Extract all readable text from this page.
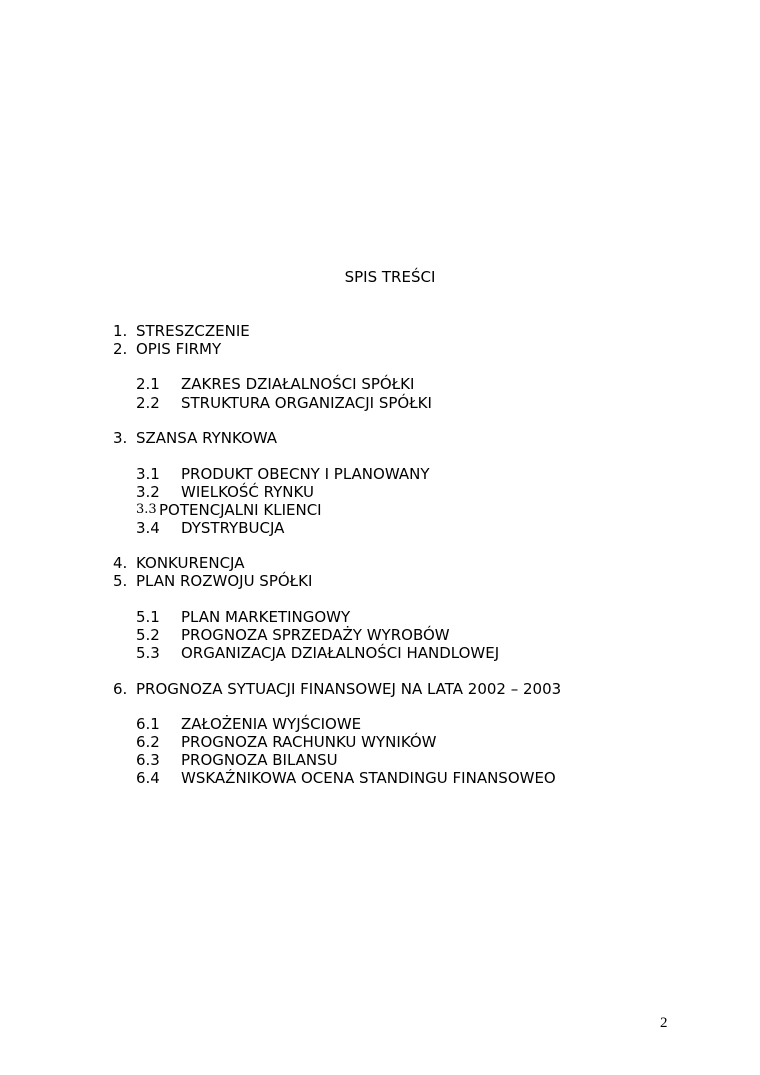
SPIS TREŚCI
1. STRESZCZENIE
2. OPIS FIRMY
2.1 ZAKRES DZIAŁALNOŚCI SPÓŁKI
2.2 STRUKTURA ORGANIZACJI SPÓŁKI
3. SZANSA RYNKOWA
3.1 PRODUKT OBECNY I PLANOWANY
3.2 WIELKOŚĆ RYNKU
3.3 POTENCJALNI KLIENCI
3.4 DYSTRYBUCJA
4. KONKURENCJA
5. PLAN ROZWOJU SPÓŁKI
5.1 PLAN MARKETINGOWY
5.2 PROGNOZA SPRZEDAŻY WYROBÓW
5.3 ORGANIZACJA DZIAŁALNOŚCI HANDLOWEJ
6. PROGNOZA SYTUACJI FINANSOWEJ NA LATA 2002 – 2003
6.1 ZAŁOŻENIA WYJŚCIOWE
6.2 PROGNOZA RACHUNKU WYNIKÓW
6.3 PROGNOZA BILANSU
6.4 WSKAŹNIKOWA OCENA STANDINGU FINANSOWEO
2
